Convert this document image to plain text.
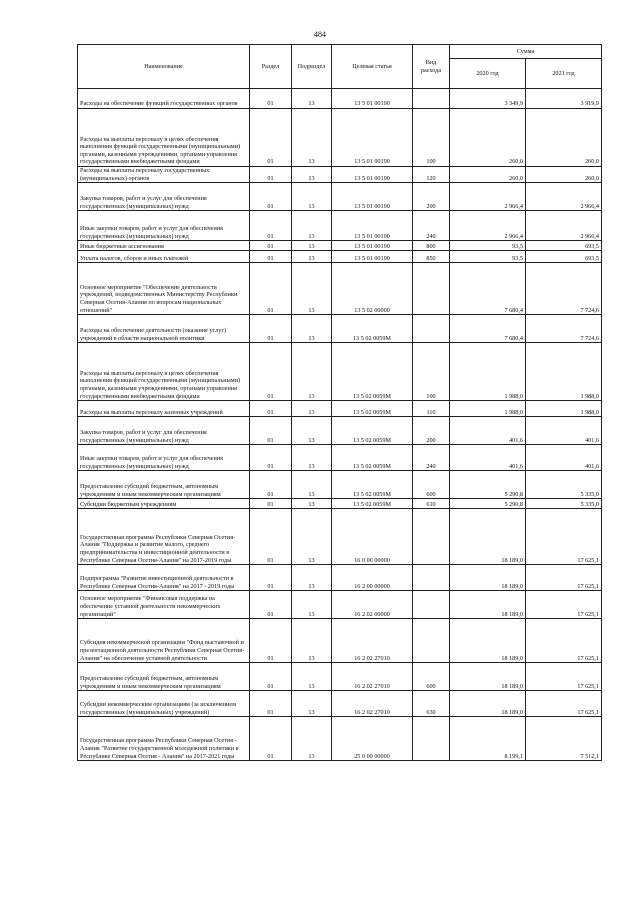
484
Наименование	Раздел	Подраздел	Целевая статья	Вид расхода	Сумма	
					2020 год	2021 год
Расходы на обеспечение функций государственных органов	01	13	13 5 01 00190		3 349,9	3 919,9
Расходы на выплаты персоналу в целях обеспечения выполнения функций государственными (муниципальными) органами, казенными учреждениями, органами управления государственными внебюджетными фондами	01	13	13 5 01 00190	100	260,0	260,0
Расходы на выплаты персоналу государственных (муниципальных) органов	01	13	13 5 01 00190	120	260,0	260,0
Закупка товаров, работ и услуг для обеспечения государственных (муниципальных) нужд	01	13	13 5 01 00190	200	2 966,4	2 966,4
Иные закупки товаров, работ и услуг для обеспечения государственных (муниципальных) нужд	01	13	13 5 01 00190	240	2 966,4	2 966,4
Иные бюджетные ассигнования	01	13	13 5 01 00190	800	93,5	693,5
Уплата налогов, сборов и иных платежей	01	13	13 5 01 00190	850	93,5	693,5
Основное мероприятие "Обеспечение деятельности учреждений, подведомственных Министерству Республики Северная Осетия-Алания по вопросам национальных отношений"	01	13	13 5 02 00000		7 680,4	7 724,6
Расходы на обеспечение деятельности (оказание услуг) учреждений в области национальной политики	01	13	13 5 02 0059М		7 680,4	7 724,6
Расходы на выплаты персоналу в целях обеспечения выполнения функций государственными (муниципальными) органами, казенными учреждениями, органами управления государственными внебюджетными фондами	01	13	13 5 02 0059М	100	1 988,0	1 988,0
Расходы на выплаты персоналу казенных учреждений	01	13	13 5 02 0059М	110	1 988,0	1 988,0
Закупка товаров, работ и услуг для обеспечения государственных (муниципальных) нужд	01	13	13 5 02 0059М	200	401,6	401,6
Иные закупки товаров, работ и услуг для обеспечения государственных (муниципальных) нужд	01	13	13 5 02 0059М	240	401,6	401,6
Предоставление субсидий бюджетным, автономным учреждениям и иным некоммерческим организациям	01	13	13 5 02 0059М	600	5 290,8	5 335,0
Субсидии бюджетным учреждениям	01	13	13 5 02 0059М	610	5 290,8	5 335,0
Государственная программа Республики Северная Осетия-Алания "Поддержка и развитие малого, среднего предпринимательства и инвестиционной деятельности в Республике Северная Осетия-Алания" на 2017-2019 годы	01	13	16 0 00 00000		18 189,0	17 625,1
Подпрограмма "Развитие инвестиционной деятельности в Республике Северная Осетия-Алания" на 2017 - 2019 годы	01	13	16 2 00 00000		18 189,0	17 625,1
Основное мероприятие "Финансовая поддержка на обеспечение уставной деятельности некоммерческих организаций"	01	13	16 2 02 00000		18 189,0	17 625,1
Субсидия некоммерческой организации "Фонд выставочной и презентационной деятельности Республики Северная Осетия-Алания" на обеспечение уставной деятельности	01	13	16 2 02 27010		18 189,0	17 625,1
Предоставление субсидий бюджетным, автономным учреждениям и иным некоммерческим организациям	01	13	16 2 02 27010	600	18 189,0	17 625,1
Субсидии некоммерческим организациям (за исключением государственных (муниципальных) учреждений)	01	13	16 2 02 27010	630	18 189,0	17 625,1
Государственная программа Республики Северная Осетия - Алания "Развитие государственной молодежной политики в Республике Северная Осетия - Алания" на 2017-2021 годы	01	13	25 0 00 00000		8 199,1	7 512,1
